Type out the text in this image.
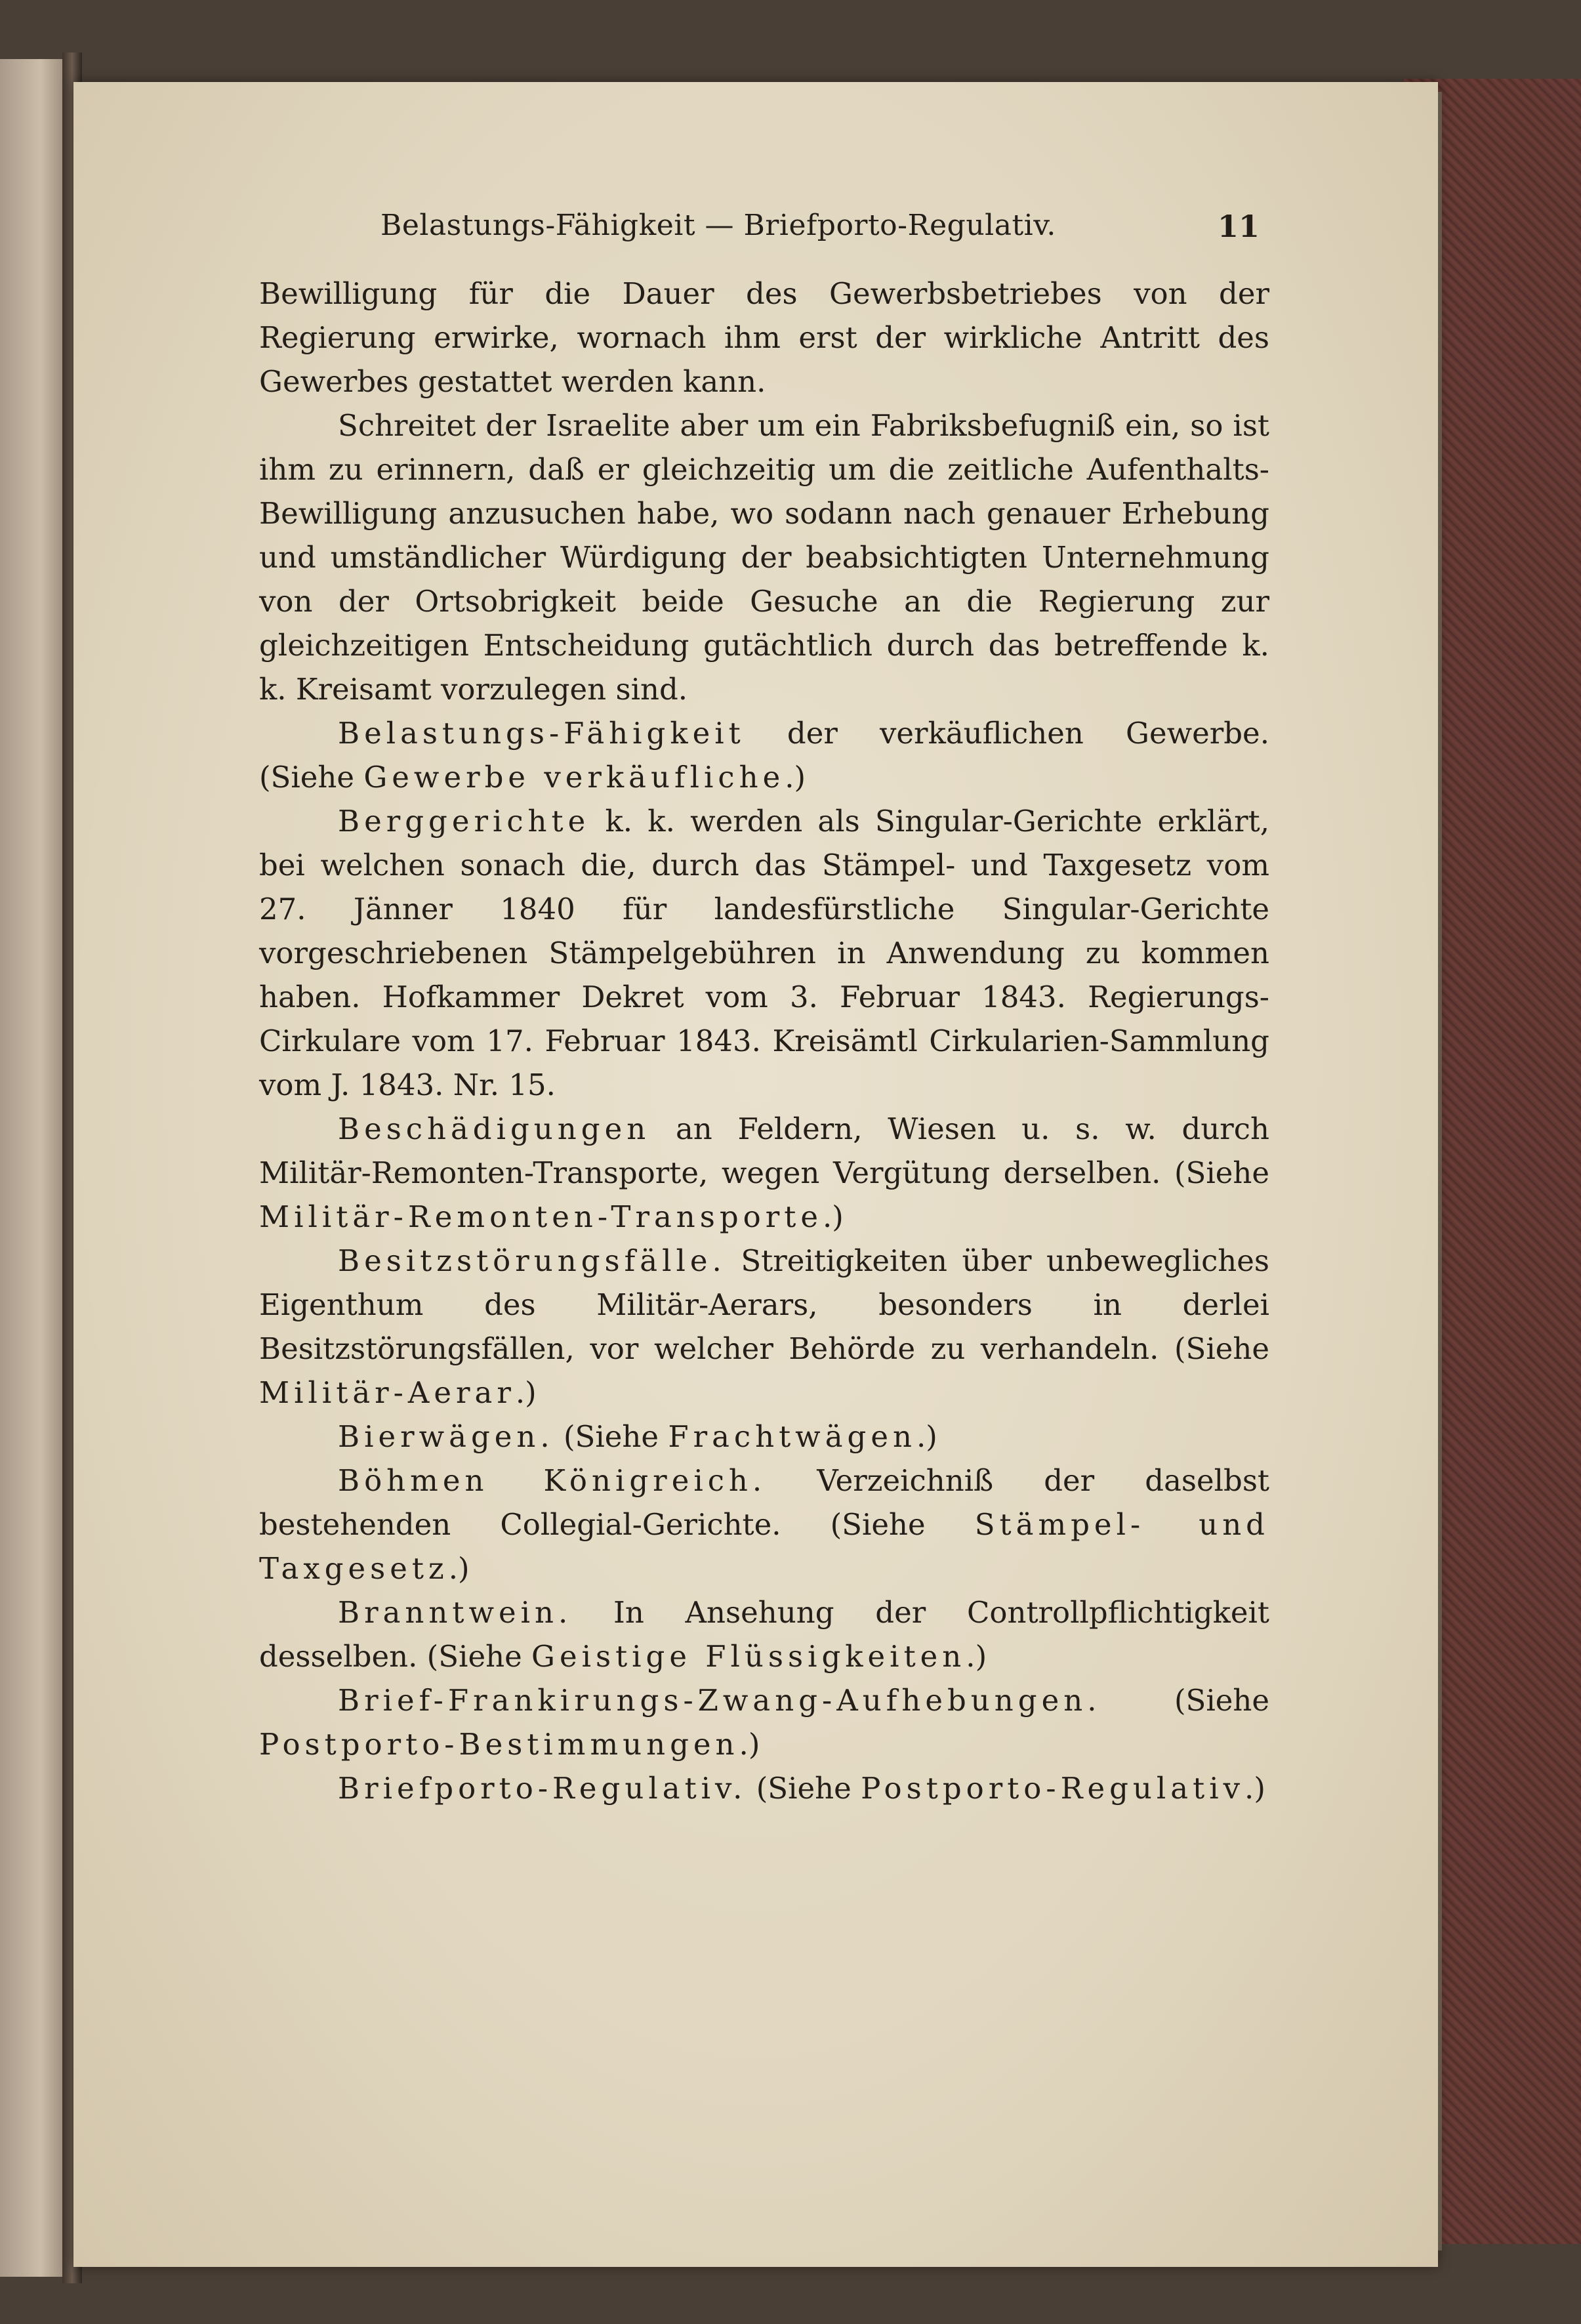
Belastungs-Fähigkeit — Briefporto-Regulativ.	11

Bewilligung für die Dauer des Gewerbsbetriebes von der Regierung erwirke, wornach ihm erst der wirkliche Antritt des Gewerbes gestattet werden kann.

Schreitet der Israelite aber um ein Fabriksbefugniß ein, so ist ihm zu erinnern, daß er gleichzeitig um die zeitliche Aufenthalts-Bewilligung anzusuchen habe, wo sodann nach genauer Erhebung und umständlicher Würdigung der beabsichtigten Unternehmung von der Ortsobrigkeit beide Gesuche an die Regierung zur gleichzeitigen Entscheidung gutächtlich durch das betreffende k. k. Kreisamt vorzulegen sind.

Belastungs-Fähigkeit der verkäuflichen Gewerbe. (Siehe Gewerbe verkäufliche.)

Berggerichte k. k. werden als Singular-Gerichte erklärt, bei welchen sonach die, durch das Stämpel- und Taxgesetz vom 27. Jänner 1840 für landesfürstliche Singular-Gerichte vorgeschriebenen Stämpelgebühren in Anwendung zu kommen haben. Hofkammer Dekret vom 3. Februar 1843. Regierungs-Cirkulare vom 17. Februar 1843. Kreisämtl Cirkularien-Sammlung vom J. 1843. Nr. 15.

Beschädigungen an Feldern, Wiesen u. s. w. durch Militär-Remonten-Transporte, wegen Vergütung derselben. (Siehe Militär-Remonten-Transporte.)

Besitzstörungsfälle. Streitigkeiten über unbewegliches Eigenthum des Militär-Aerars, besonders in derlei Besitzstörungsfällen, vor welcher Behörde zu verhandeln. (Siehe Militär-Aerar.)

Bierwägen. (Siehe Frachtwägen.)

Böhmen Königreich. Verzeichniß der daselbst bestehenden Collegial-Gerichte. (Siehe Stämpel- und Taxgesetz.)

Branntwein. In Ansehung der Controllpflichtigkeit desselben. (Siehe Geistige Flüssigkeiten.)

Brief-Frankirungs-Zwang-Aufhebungen. (Siehe Postporto-Bestimmungen.)

Briefporto-Regulativ. (Siehe Postporto-Regulativ.)
